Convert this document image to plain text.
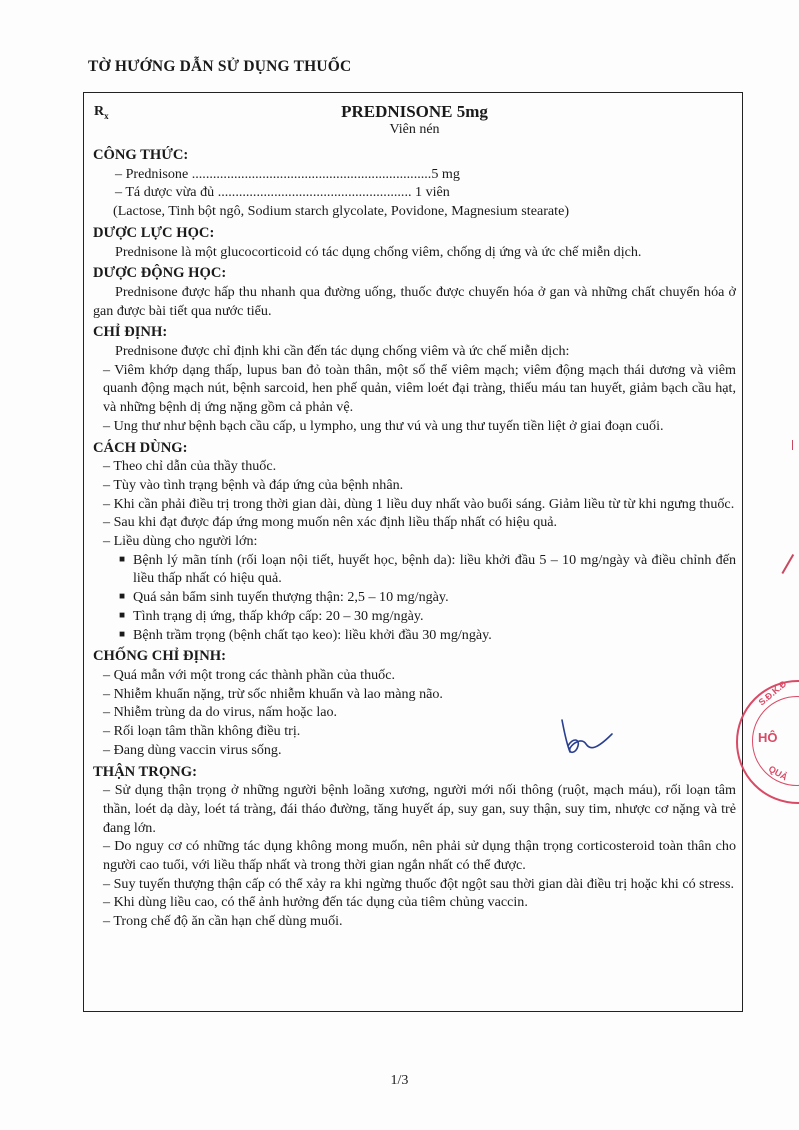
TỜ HƯỚNG DẪN SỬ DỤNG THUỐC
$R_x$	PREDNISONE 5mg
Viên nén
CÔNG THỨC:
– Prednisone ....................................................................5 mg
– Tá dược vừa đủ ....................................................... 1 viên
(Lactose, Tinh bột ngô, Sodium starch glycolate, Povidone, Magnesium stearate)
DƯỢC LỰC HỌC:
Prednisone là một glucocorticoid có tác dụng chống viêm, chống dị ứng và ức chế miễn dịch.
DƯỢC ĐỘNG HỌC:
Prednisone được hấp thu nhanh qua đường uống, thuốc được chuyển hóa ở gan và những chất chuyển hóa ở gan được bài tiết qua nước tiểu.
CHỈ ĐỊNH:
Prednisone được chỉ định khi cần đến tác dụng chống viêm và ức chế miễn dịch:
– Viêm khớp dạng thấp, lupus ban đỏ toàn thân, một số thể viêm mạch; viêm động mạch thái dương và viêm quanh động mạch nút, bệnh sarcoid, hen phế quản, viêm loét đại tràng, thiếu máu tan huyết, giảm bạch cầu hạt, và những bệnh dị ứng nặng gồm cả phản vệ.
– Ung thư như bệnh bạch cầu cấp, u lympho, ung thư vú và ung thư tuyến tiền liệt ở giai đoạn cuối.
CÁCH DÙNG:
– Theo chỉ dẫn của thầy thuốc.
– Tùy vào tình trạng bệnh và đáp ứng của bệnh nhân.
– Khi cần phải điều trị trong thời gian dài, dùng 1 liều duy nhất vào buổi sáng. Giảm liều từ từ khi ngưng thuốc.
– Sau khi đạt được đáp ứng mong muốn nên xác định liều thấp nhất có hiệu quả.
– Liều dùng cho người lớn:
■ Bệnh lý mãn tính (rối loạn nội tiết, huyết học, bệnh da): liều khởi đầu 5 – 10 mg/ngày và điều chỉnh đến liều thấp nhất có hiệu quả.
■ Quá sản bẩm sinh tuyến thượng thận: 2,5 – 10 mg/ngày.
■ Tình trạng dị ứng, thấp khớp cấp: 20 – 30 mg/ngày.
■ Bệnh trầm trọng (bệnh chất tạo keo): liều khởi đầu 30 mg/ngày.
CHỐNG CHỈ ĐỊNH:
– Quá mẫn với một trong các thành phần của thuốc.
– Nhiễm khuẩn nặng, trừ sốc nhiễm khuẩn và lao màng não.
– Nhiễm trùng da do virus, nấm hoặc lao.
– Rối loạn tâm thần không điều trị.
– Đang dùng vaccin virus sống.
THẬN TRỌNG:
– Sử dụng thận trọng ở những người bệnh loãng xương, người mới nối thông (ruột, mạch máu), rối loạn tâm thần, loét dạ dày, loét tá tràng, đái tháo đường, tăng huyết áp, suy gan, suy thận, suy tim, nhược cơ nặng và trẻ đang lớn.
– Do nguy cơ có những tác dụng không mong muốn, nên phải sử dụng thận trọng corticosteroid toàn thân cho người cao tuổi, với liều thấp nhất và trong thời gian ngắn nhất có thể được.
– Suy tuyến thượng thận cấp có thể xảy ra khi ngừng thuốc đột ngột sau thời gian dài điều trị hoặc khi có stress.
– Khi dùng liều cao, có thể ảnh hưởng đến tác dụng của tiêm chủng vaccin.
– Trong chế độ ăn cần hạn chế dùng muối.
S.Đ.K.Đ
HÔ
QUẢ
1/3
